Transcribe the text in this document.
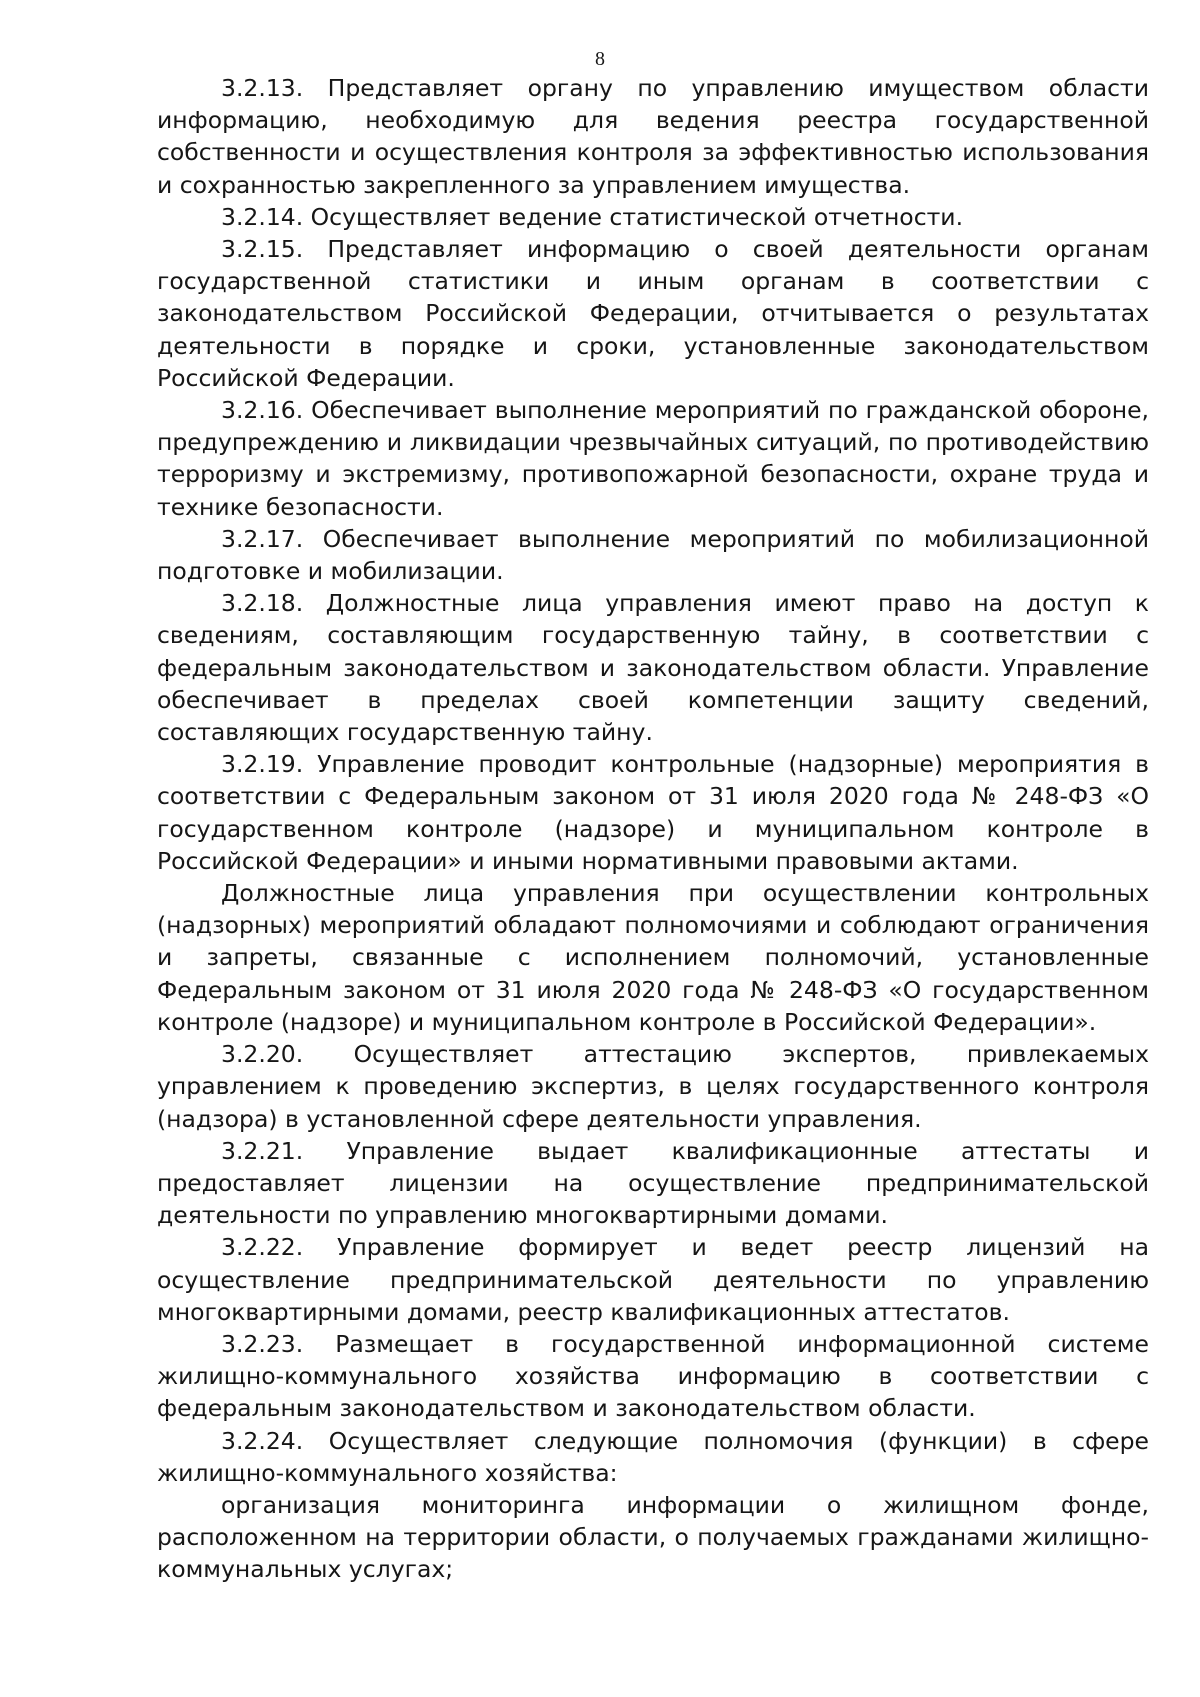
8

3.2.13. Представляет органу по управлению имуществом области информацию, необходимую для ведения реестра государственной собственности и осуществления контроля за эффективностью использования и сохранностью закрепленного за управлением имущества.

3.2.14. Осуществляет ведение статистической отчетности.

3.2.15. Представляет информацию о своей деятельности органам государственной статистики и иным органам в соответствии с законодательством Российской Федерации, отчитывается о результатах деятельности в порядке и сроки, установленные законодательством Российской Федерации.

3.2.16. Обеспечивает выполнение мероприятий по гражданской обороне, предупреждению и ликвидации чрезвычайных ситуаций, по противодействию терроризму и экстремизму, противопожарной безопасности, охране труда и технике безопасности.

3.2.17. Обеспечивает выполнение мероприятий по мобилизационной подготовке и мобилизации.

3.2.18. Должностные лица управления имеют право на доступ к сведениям, составляющим государственную тайну, в соответствии с федеральным законодательством и законодательством области. Управление обеспечивает в пределах своей компетенции защиту сведений, составляющих государственную тайну.

3.2.19. Управление проводит контрольные (надзорные) мероприятия в соответствии с Федеральным законом от 31 июля 2020 года № 248-ФЗ «О государственном контроле (надзоре) и муниципальном контроле в Российской Федерации» и иными нормативными правовыми актами.

Должностные лица управления при осуществлении контрольных (надзорных) мероприятий обладают полномочиями и соблюдают ограничения и запреты, связанные с исполнением полномочий, установленные Федеральным законом от 31 июля 2020 года № 248-ФЗ «О государственном контроле (надзоре) и муниципальном контроле в Российской Федерации».

3.2.20. Осуществляет аттестацию экспертов, привлекаемых управлением к проведению экспертиз, в целях государственного контроля (надзора) в установленной сфере деятельности управления.

3.2.21. Управление выдает квалификационные аттестаты и предоставляет лицензии на осуществление предпринимательской деятельности по управлению многоквартирными домами.

3.2.22. Управление формирует и ведет реестр лицензий на осуществление предпринимательской деятельности по управлению многоквартирными домами, реестр квалификационных аттестатов.

3.2.23. Размещает в государственной информационной системе жилищно-коммунального хозяйства информацию в соответствии с федеральным законодательством и законодательством области.

3.2.24. Осуществляет следующие полномочия (функции) в сфере жилищно-коммунального хозяйства:

организация мониторинга информации о жилищном фонде, расположенном на территории области, о получаемых гражданами жилищно-коммунальных услугах;
